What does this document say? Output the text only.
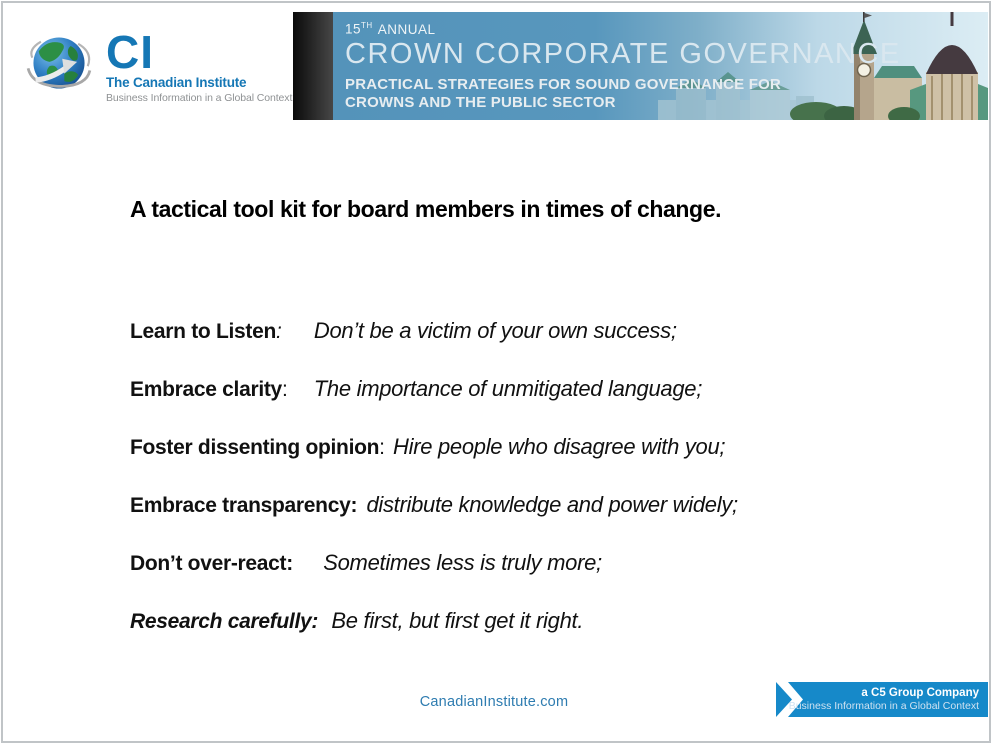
CI
The Canadian Institute
Business Information in a Global Context
15TH ANNUAL
CROWN CORPORATE GOVERNANCE
PRACTICAL STRATEGIES FOR SOUND GOVERNANCE FOR
CROWNS AND THE PUBLIC SECTOR
A tactical tool kit for board members in times of change.
Learn to Listen: Don’t be a victim of your own success;
Embrace clarity: The importance of unmitigated language;
Foster dissenting opinion: Hire people who disagree with you;
Embrace transparency: distribute knowledge and power widely;
Don’t over-react: Sometimes less is truly more;
Research carefully: Be first, but first get it right.
CanadianInstitute.com
a C5 Group Company
Business Information in a Global Context
